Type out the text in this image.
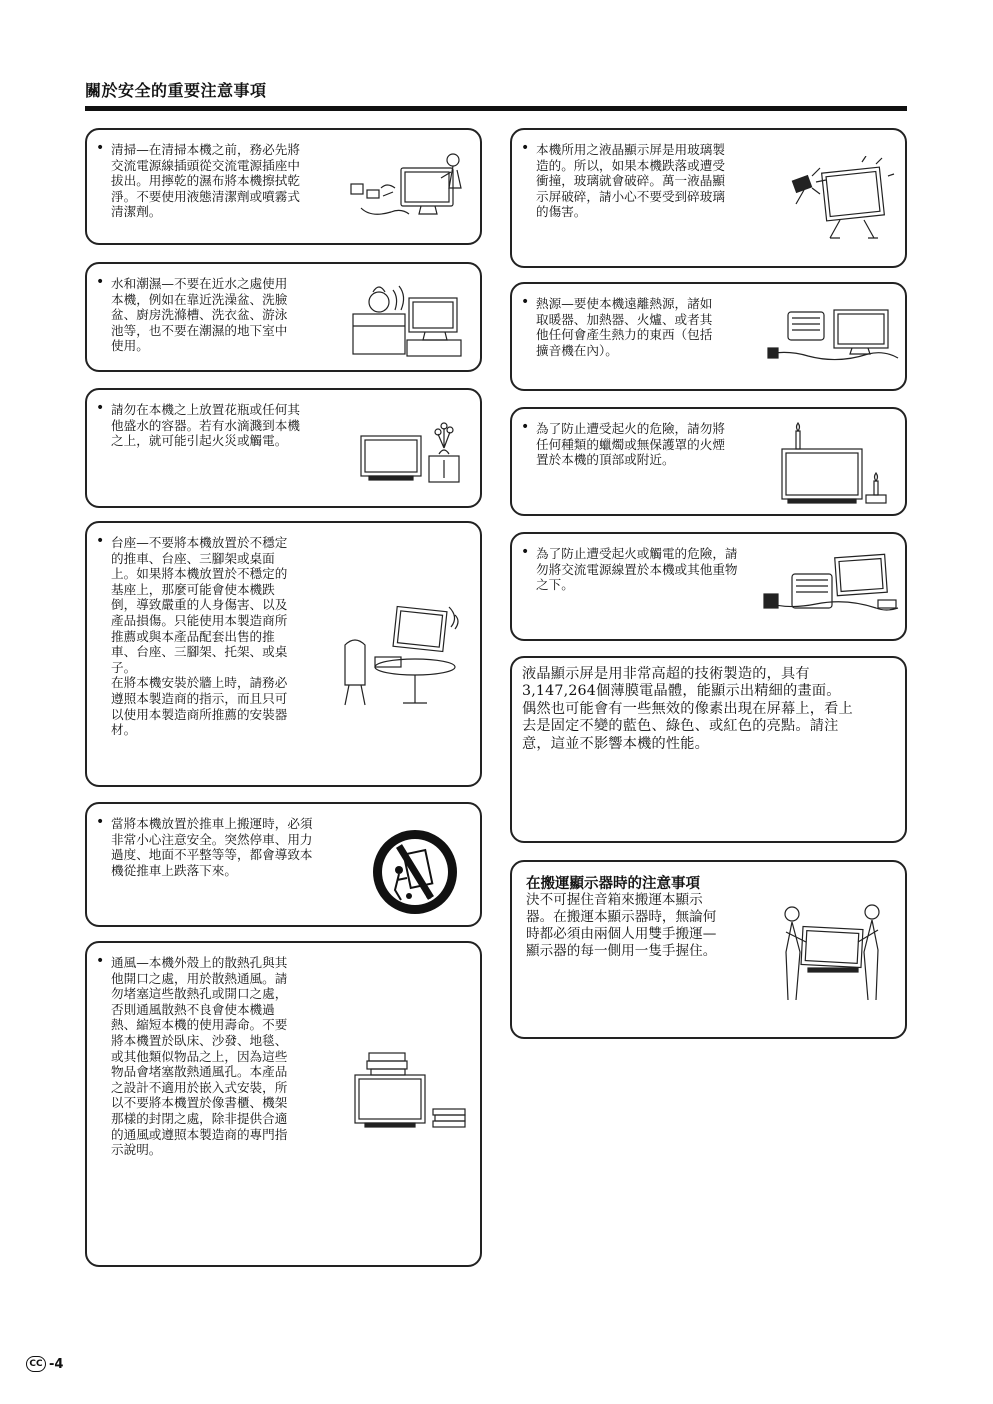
關於安全的重要注意事項
• 清掃—在清掃本機之前，務必先將
交流電源線插頭從交流電源插座中
拔出。用擰乾的濕布將本機擦拭乾
淨。不要使用液態清潔劑或噴霧式
清潔劑。
• 水和潮濕—不要在近水之處使用
本機，例如在靠近洗澡盆、洗臉
盆、廚房洗滌槽、洗衣盆、游泳
池等，也不要在潮濕的地下室中
使用。
• 請勿在本機之上放置花瓶或任何其
他盛水的容器。若有水滴濺到本機
之上，就可能引起火災或觸電。
• 台座—不要將本機放置於不穩定
的推車、台座、三腳架或桌面
上。如果將本機放置於不穩定的
基座上，那麼可能會使本機跌
倒，導致嚴重的人身傷害、以及
產品損傷。只能使用本製造商所
推薦或與本產品配套出售的推
車、台座、三腳架、托架、或桌
子。
在將本機安裝於牆上時，請務必
遵照本製造商的指示，而且只可
以使用本製造商所推薦的安裝器
材。
• 當將本機放置於推車上搬運時，必須
非常小心注意安全。突然停車、用力
過度、地面不平整等等，都會導致本
機從推車上跌落下來。
• 通風—本機外殼上的散熱孔與其
他開口之處，用於散熱通風。請
勿堵塞這些散熱孔或開口之處，
否則通風散熱不良會使本機過
熱、縮短本機的使用壽命。不要
將本機置於臥床、沙發、地毯、
或其他類似物品之上，因為這些
物品會堵塞散熱通風孔。本產品
之設計不適用於嵌入式安裝，所
以不要將本機置於像書櫃、機架
那樣的封閉之處，除非提供合適
的通風或遵照本製造商的專門指
示說明。
• 本機所用之液晶顯示屏是用玻璃製
造的。所以，如果本機跌落或遭受
衝撞，玻璃就會破碎。萬一液晶顯
示屏破碎，請小心不要受到碎玻璃
的傷害。
• 熱源—要使本機遠離熱源，諸如
取暖器、加熱器、火爐、或者其
他任何會產生熱力的東西（包括
擴音機在內）。
• 為了防止遭受起火的危險，請勿將
任何種類的蠟燭或無保護罩的火煙
置於本機的頂部或附近。
• 為了防止遭受起火或觸電的危險，請
勿將交流電源線置於本機或其他重物
之下。
液晶顯示屏是用非常高超的技術製造的，具有
3,147,264個薄膜電晶體，能顯示出精細的畫面。
偶然也可能會有一些無效的像素出現在屏幕上，看上
去是固定不變的藍色、綠色、或紅色的亮點。請注
意，這並不影響本機的性能。
在搬運顯示器時的注意事項
決不可握住音箱來搬運本顯示
器。在搬運本顯示器時，無論何
時都必須由兩個人用雙手搬運—
顯示器的每一側用一隻手握住。
CC -4
